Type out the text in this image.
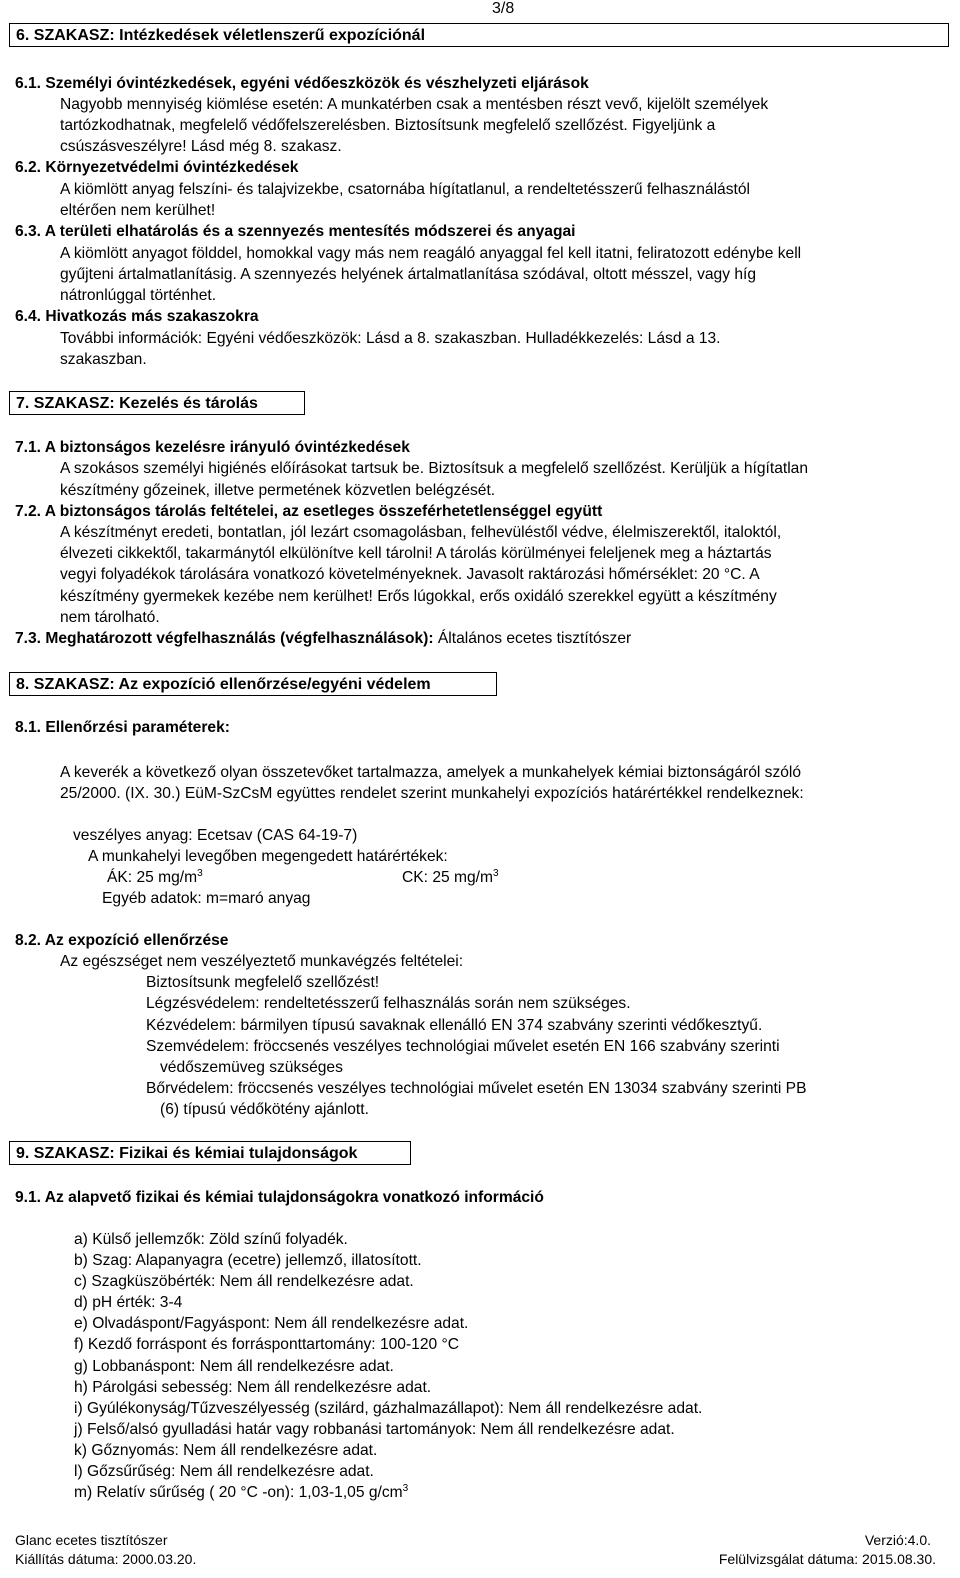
3/8
6. SZAKASZ: Intézkedések véletlenszerű expozíciónál
6.1. Személyi óvintézkedések, egyéni védőeszközök és vészhelyzeti eljárások
Nagyobb mennyiség kiömlése esetén: A munkatérben csak a mentésben részt vevő, kijelölt személyek
tartózkodhatnak, megfelelő védőfelszerelésben. Biztosítsunk megfelelő szellőzést. Figyeljünk a
csúszásveszélyre! Lásd még 8. szakasz.
6.2. Környezetvédelmi óvintézkedések
A kiömlött anyag felszíni- és talajvizekbe, csatornába hígítatlanul, a rendeltetésszerű felhasználástól
eltérően nem kerülhet!
6.3. A területi elhatárolás és a szennyezés mentesítés módszerei és anyagai
A kiömlött anyagot földdel, homokkal vagy más nem reagáló anyaggal fel kell itatni, feliratozott edénybe kell
gyűjteni ártalmatlanításig. A szennyezés helyének ártalmatlanítása szódával, oltott mésszel, vagy híg
nátronlúggal történhet.
6.4. Hivatkozás más szakaszokra
További információk: Egyéni védőeszközök: Lásd a 8. szakaszban. Hulladékkezelés: Lásd a 13.
szakaszban.
7. SZAKASZ: Kezelés és tárolás
7.1. A biztonságos kezelésre irányuló óvintézkedések
A szokásos személyi higiénés előírásokat tartsuk be. Biztosítsuk a megfelelő szellőzést. Kerüljük a hígítatlan
készítmény gőzeinek, illetve permetének közvetlen belégzését.
7.2. A biztonságos tárolás feltételei, az esetleges összeférhetetlenséggel együtt
A készítményt eredeti, bontatlan, jól lezárt csomagolásban, felhevüléstől védve, élelmiszerektől, italoktól,
élvezeti cikkektől, takarmánytól elkülönítve kell tárolni! A tárolás körülményei feleljenek meg a háztartás
vegyi folyadékok tárolására vonatkozó követelményeknek. Javasolt raktározási hőmérséklet: 20 °C. A
készítmény gyermekek kezébe nem kerülhet! Erős lúgokkal, erős oxidáló szerekkel együtt a készítmény
nem tárolható.
7.3. Meghatározott végfelhasználás (végfelhasználások): Általános ecetes tisztítószer
8. SZAKASZ: Az expozíció ellenőrzése/egyéni védelem
8.1. Ellenőrzési paraméterek:
A keverék a következő olyan összetevőket tartalmazza, amelyek a munkahelyek kémiai biztonságáról szóló
25/2000. (IX. 30.) EüM-SzCsM együttes rendelet szerint munkahelyi expozíciós határértékkel rendelkeznek:
veszélyes anyag: Ecetsav (CAS 64-19-7)
A munkahelyi levegőben megengedett határértékek:
ÁK: 25 $mg/m^3$	CK: 25 $mg/m^3$
Egyéb adatok: m=maró anyag
8.2. Az expozíció ellenőrzése
Az egészséget nem veszélyeztető munkavégzés feltételei:
Biztosítsunk megfelelő szellőzést!
Légzésvédelem: rendeltetésszerű felhasználás során nem szükséges.
Kézvédelem: bármilyen típusú savaknak ellenálló EN 374 szabvány szerinti védőkesztyű.
Szemvédelem: fröccsenés veszélyes technológiai művelet esetén EN 166 szabvány szerinti
védőszemüveg szükséges
Bőrvédelem: fröccsenés veszélyes technológiai művelet esetén EN 13034 szabvány szerinti PB
(6) típusú védőkötény ajánlott.
9. SZAKASZ: Fizikai és kémiai tulajdonságok
9.1. Az alapvető fizikai és kémiai tulajdonságokra vonatkozó információ
a) Külső jellemzők: Zöld színű folyadék.
b) Szag: Alapanyagra (ecetre) jellemző, illatosított.
c) Szagküszöbérték: Nem áll rendelkezésre adat.
d) pH érték: 3-4
e) Olvadáspont/Fagyáspont: Nem áll rendelkezésre adat.
f) Kezdő forráspont és forrásponttartomány: 100-120 °C
g) Lobbanáspont: Nem áll rendelkezésre adat.
h) Párolgási sebesség: Nem áll rendelkezésre adat.
i) Gyúlékonyság/Tűzveszélyesség (szilárd, gázhalmazállapot): Nem áll rendelkezésre adat.
j) Felső/alsó gyulladási határ vagy robbanási tartományok: Nem áll rendelkezésre adat.
k) Gőznyomás: Nem áll rendelkezésre adat.
l) Gőzsűrűség: Nem áll rendelkezésre adat.
m) Relatív sűrűség ( 20 °C -on): 1,03-1,05 $g/cm^3$
Glanc ecetes tisztítószer	Verzió:4.0.
Kiállítás dátuma: 2000.03.20.	Felülvizsgálat dátuma: 2015.08.30.
